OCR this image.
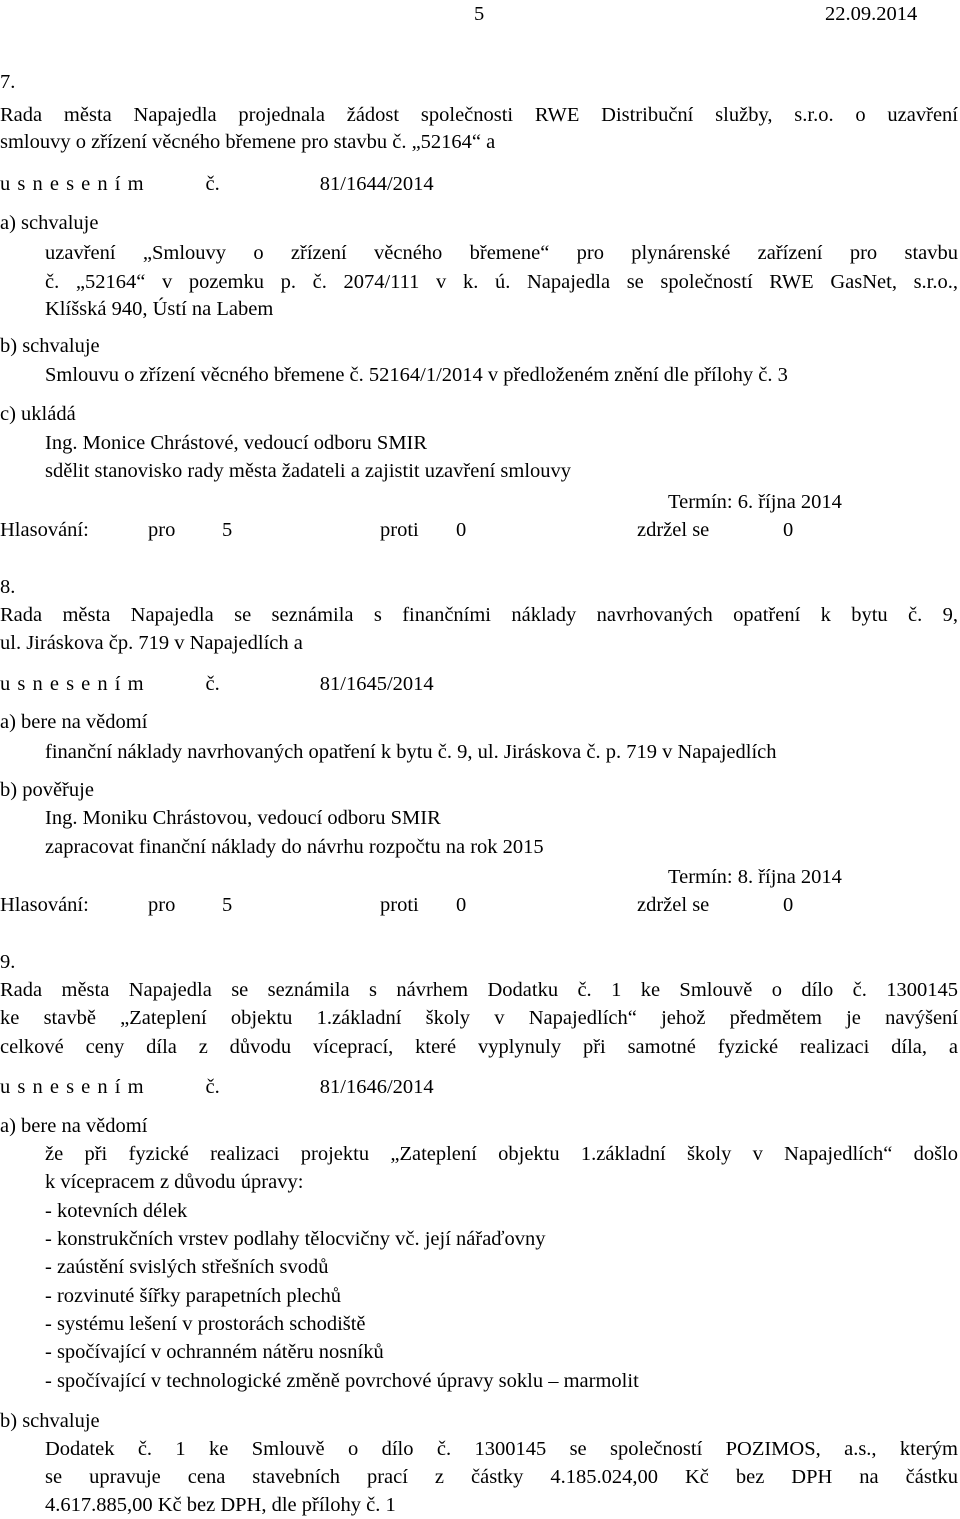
5	22.09.2014
7.
Rada města Napajedla projednala žádost společnosti RWE Distribuční služby, s.r.o. o uzavření
smlouvy o zřízení věcného břemene pro stavbu č. „52164“ a
u s n e s e n í m	č.	81/1644/2014
a) schvaluje
uzavření „Smlouvy o zřízení věcného břemene“ pro plynárenské zařízení pro stavbu
č. „52164“ v pozemku p. č. 2074/111 v k. ú. Napajedla se společností RWE GasNet, s.r.o.,
Klíšská 940, Ústí na Labem
b) schvaluje
Smlouvu o zřízení věcného břemene č. 52164/1/2014 v předloženém znění dle přílohy č. 3
c) ukládá
Ing. Monice Chrástové, vedoucí odboru SMIR
sdělit stanovisko rady města žadateli a zajistit uzavření smlouvy
Termín: 6. října 2014
Hlasování:	pro 5	proti 0	zdržel se	0
8.
Rada města Napajedla se seznámila s finančními náklady navrhovaných opatření k bytu č. 9,
ul. Jiráskova čp. 719 v Napajedlích a
u s n e s e n í m	č.	81/1645/2014
a) bere na vědomí
finanční náklady navrhovaných opatření k bytu č. 9, ul. Jiráskova č. p. 719 v Napajedlích
b) pověřuje
Ing. Moniku Chrástovou, vedoucí odboru SMIR
zapracovat finanční náklady do návrhu rozpočtu na rok 2015
Termín: 8. října 2014
Hlasování:	pro 5	proti 0	zdržel se	0
9.
Rada města Napajedla se seznámila s návrhem Dodatku č. 1 ke Smlouvě o dílo č. 1300145
ke stavbě „Zateplení objektu 1.základní školy v Napajedlích“ jehož předmětem je navýšení
celkové ceny díla z důvodu víceprací, které vyplynuly při samotné fyzické realizaci díla, a
u s n e s e n í m	č.	81/1646/2014
a) bere na vědomí
že při fyzické realizaci projektu „Zateplení objektu 1.základní školy v Napajedlích“ došlo
k vícepracem z důvodu úpravy:
- kotevních délek
- konstrukčních vrstev podlahy tělocvičny vč. její nářaďovny
- zaústění svislých střešních svodů
- rozvinuté šířky parapetních plechů
- systému lešení v prostorách schodiště
- spočívající v ochranném nátěru nosníků
- spočívající v technologické změně povrchové úpravy soklu – marmolit
b) schvaluje
Dodatek č. 1 ke Smlouvě o dílo č. 1300145 se společností POZIMOS, a.s., kterým
se upravuje cena stavebních prací z částky 4.185.024,00 Kč bez DPH na částku
4.617.885,00 Kč bez DPH, dle přílohy č. 1
